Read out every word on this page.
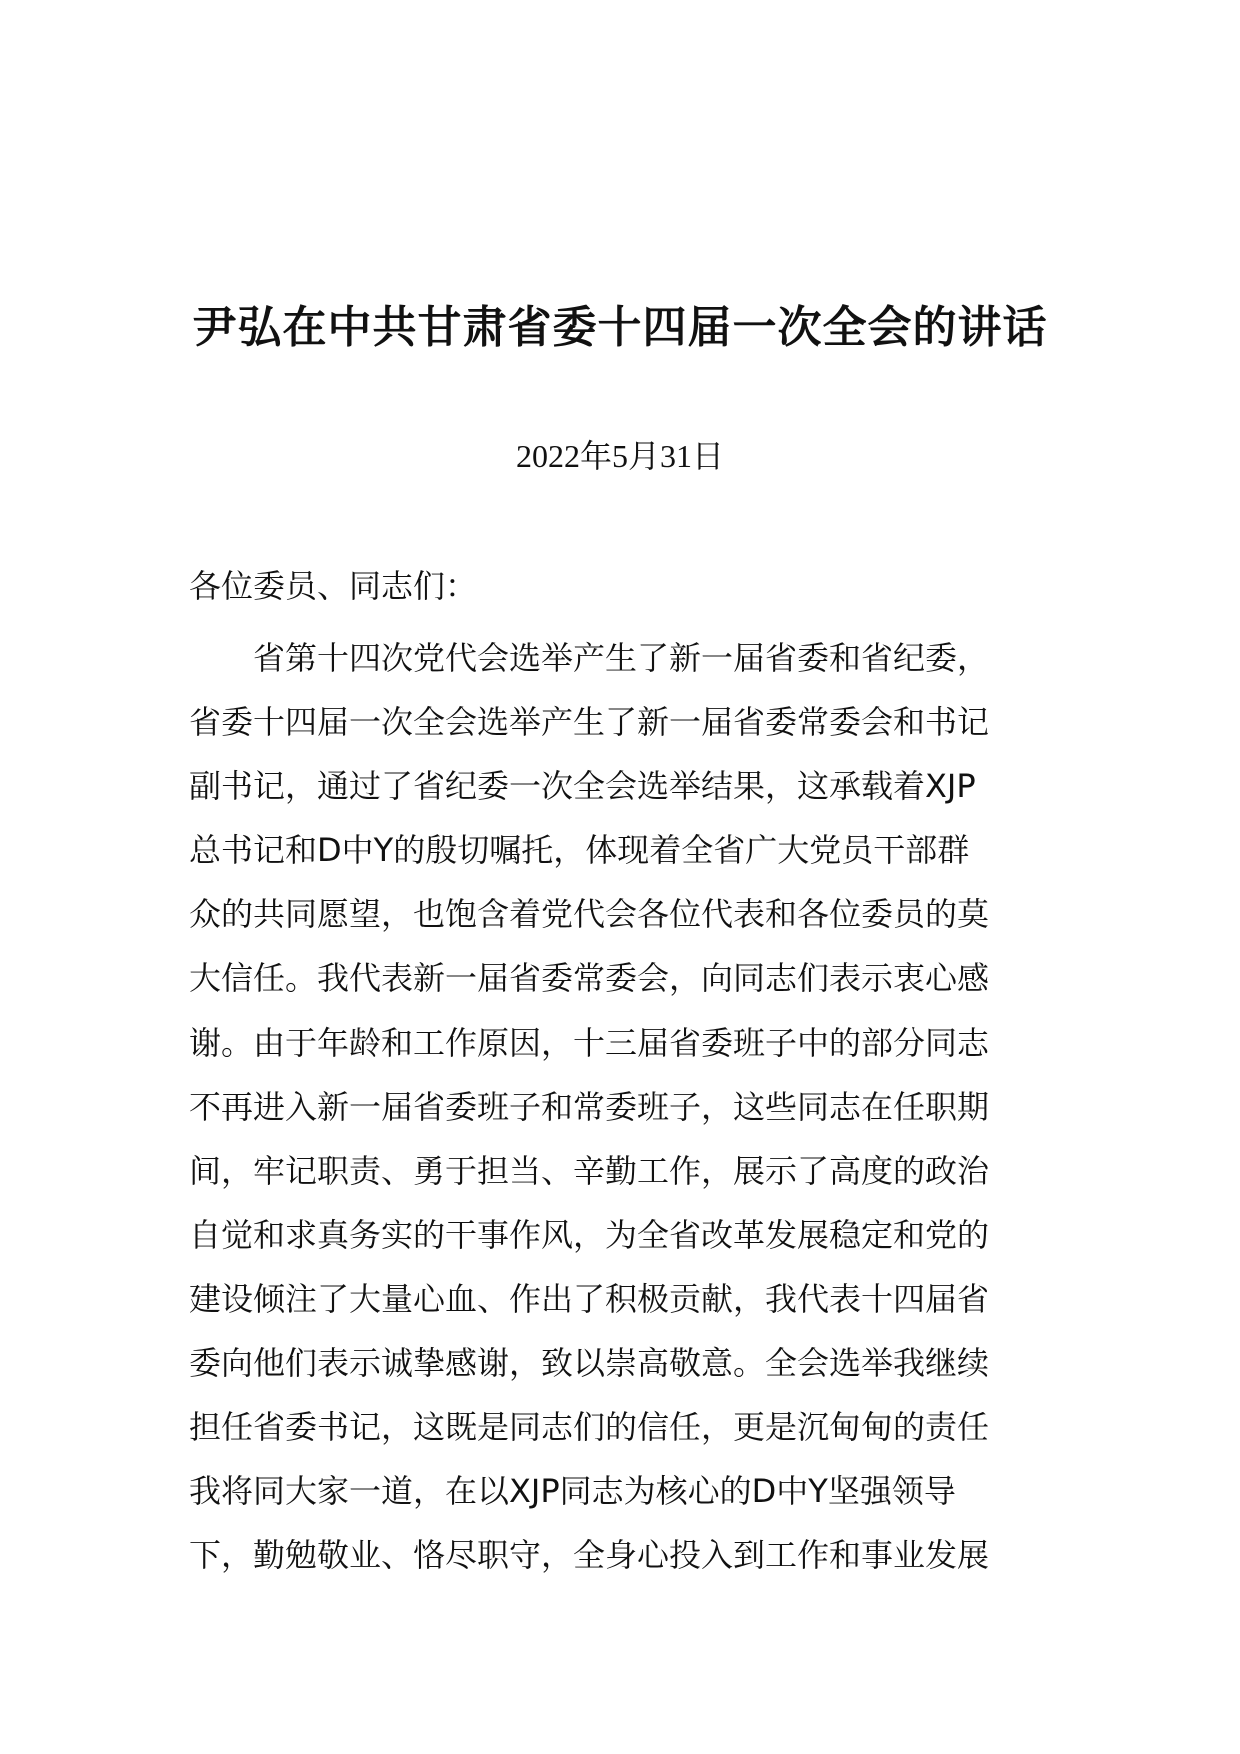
尹弘在中共甘肃省委十四届一次全会的讲话
2022年5月31日
各位委员、同志们：
省第十四次党代会选举产生了新一届省委和省纪委，
省委十四届一次全会选举产生了新一届省委常委会和书记
副书记，通过了省纪委一次全会选举结果，这承载着XJP
总书记和D中Y的殷切嘱托，体现着全省广大党员干部群
众的共同愿望，也饱含着党代会各位代表和各位委员的莫
大信任。我代表新一届省委常委会，向同志们表示衷心感
谢。由于年龄和工作原因，十三届省委班子中的部分同志
不再进入新一届省委班子和常委班子，这些同志在任职期
间，牢记职责、勇于担当、辛勤工作，展示了高度的政治
自觉和求真务实的干事作风，为全省改革发展稳定和党的
建设倾注了大量心血、作出了积极贡献，我代表十四届省
委向他们表示诚挚感谢，致以崇高敬意。全会选举我继续
担任省委书记，这既是同志们的信任，更是沉甸甸的责任
我将同大家一道，在以XJP同志为核心的D中Y坚强领导
下，勤勉敬业、恪尽职守，全身心投入到工作和事业发展
